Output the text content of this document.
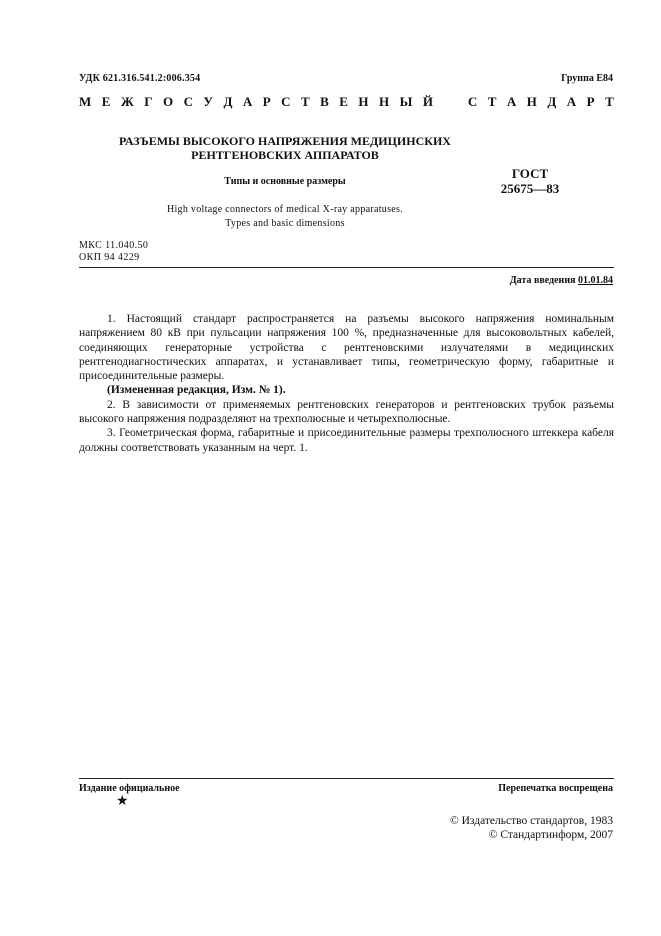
УДК 621.316.541.2:006.354	Группа Е84
М Е Ж Г О С У Д А Р С Т В Е Н Н Ы Й	С Т А Н Д А Р Т
РАЗЪЕМЫ ВЫСОКОГО НАПРЯЖЕНИЯ МЕДИЦИНСКИХ
РЕНТГЕНОВСКИХ АППАРАТОВ
Типы и основные размеры
ГОСТ
25675—83
High voltage connectors of medical X-ray apparatuses.
Types and basic dimensions
МКС 11.040.50
ОКП 94 4229
Дата введения 01.01.84

1. Настоящий стандарт распространяется на разъемы высокого напряжения номинальным напряжением 80 кВ при пульсации напряжения 100 %, предназначенные для высоковольтных кабелей, соединяющих генераторные устройства с рентгеновскими излучателями в медицинских рентгенодиагностических аппаратах, и устанавливает типы, геометрическую форму, габаритные и присоединительные размеры.

(Измененная редакция, Изм. № 1).

2. В зависимости от применяемых рентгеновских генераторов и рентгеновских трубок разъемы высокого напряжения подразделяют на трехполюсные и четырехполюсные.

3. Геометрическая форма, габаритные и присоединительные размеры трехполюсного штеккера кабеля должны соответствовать указанным на черт. 1.

Издание официальное	Перепечатка воспрещена
★
© Издательство стандартов, 1983
© Стандартинформ, 2007
